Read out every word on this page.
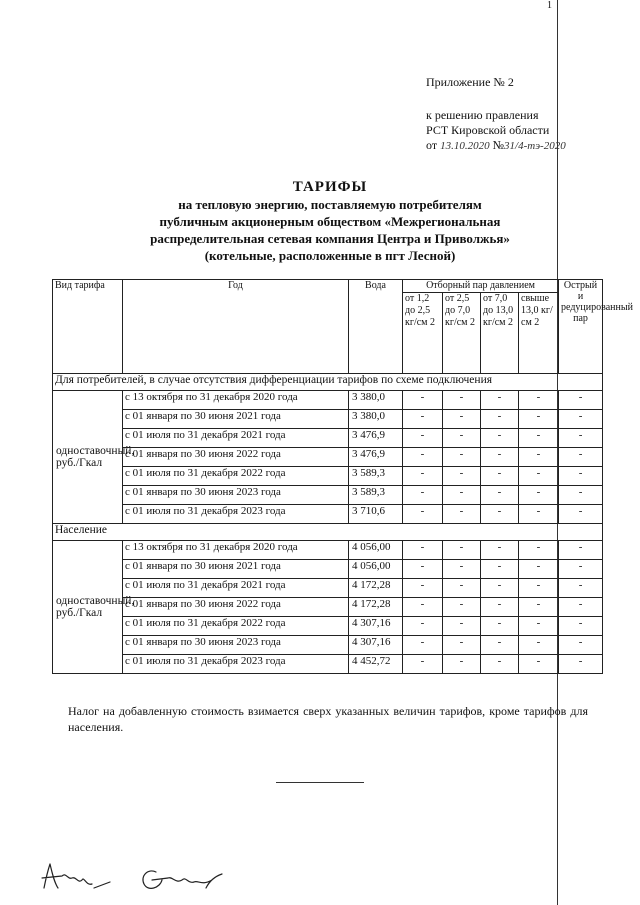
1
Приложение № 2
к решению правления
РСТ Кировской области
от 13.10.2020 №31/4-тэ-2020
ТАРИФЫ
на тепловую энергию, поставляемую потребителям
публичным акционерным обществом «Межрегиональная
распределительная сетевая компания Центра и Приволжья»
(котельные, расположенные в пгт Лесной)
Вид тарифа	Год	Вода	Отборный пар давлением				Острый и редуцированный пар
			от 1,2 до 2,5 кг/см 2	от 2,5 до 7,0 кг/см 2	от 7,0 до 13,0 кг/см 2	свыше 13,0 кг/см 2	
Для потребителей, в случае отсутствия дифференциации тарифов по схеме подключения							
одноставочный, руб./Гкал	с 13 октября по 31 декабря 2020 года	3 380,0	-	-	-	-	-
	с 01 января по 30 июня 2021 года	3 380,0	-	-	-	-	-
	с 01 июля по 31 декабря 2021 года	3 476,9	-	-	-	-	-
	с 01 января по 30 июня 2022 года	3 476,9	-	-	-	-	-
	с 01 июля по 31 декабря 2022 года	3 589,3	-	-	-	-	-
	с 01 января по 30 июня 2023 года	3 589,3	-	-	-	-	-
	с 01 июля по 31 декабря 2023 года	3 710,6	-	-	-	-	-
Население							
одноставочный, руб./Гкал	с 13 октября по 31 декабря 2020 года	4 056,00	-	-	-	-	-
	с 01 января по 30 июня 2021 года	4 056,00	-	-	-	-	-
	с 01 июля по 31 декабря 2021 года	4 172,28	-	-	-	-	-
	с 01 января по 30 июня 2022 года	4 172,28	-	-	-	-	-
	с 01 июля по 31 декабря 2022 года	4 307,16	-	-	-	-	-
	с 01 января по 30 июня 2023 года	4 307,16	-	-	-	-	-
	с 01 июля по 31 декабря 2023 года	4 452,72	-	-	-	-	-
Налог на добавленную стоимость взимается сверх указанных величин тарифов, кроме тарифов для населения.
